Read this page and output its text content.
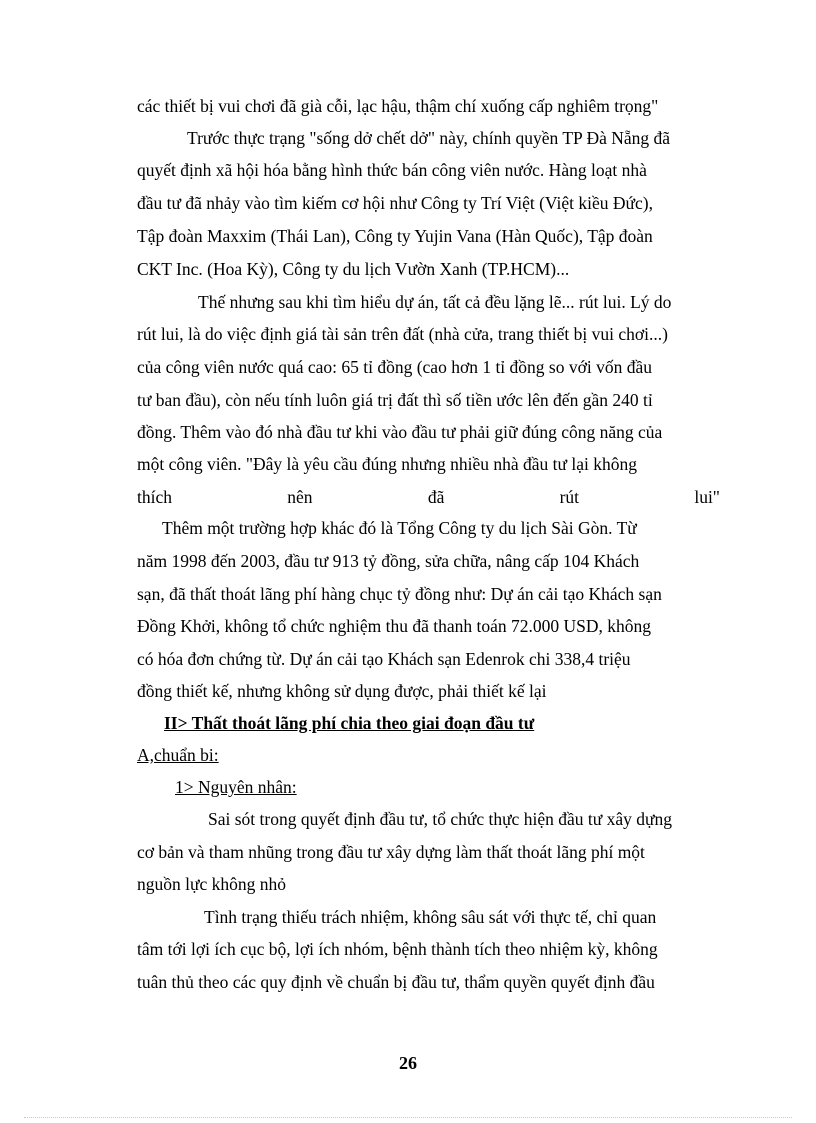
các thiết bị vui chơi đã già cỗi, lạc hậu, thậm chí xuống cấp nghiêm trọng"
Trước thực trạng "sống dở chết dở" này, chính quyền TP Đà Nẵng đã
quyết định xã hội hóa bằng hình thức bán công viên nước. Hàng loạt nhà
đầu tư đã nhảy vào tìm kiếm cơ hội như Công ty Trí Việt (Việt kiều Đức),
Tập đoàn Maxxim (Thái Lan), Công ty Yujin Vana (Hàn Quốc), Tập đoàn
CKT Inc. (Hoa Kỳ), Công ty du lịch Vườn Xanh (TP.HCM)...
Thế nhưng sau khi tìm hiểu dự án, tất cả đều lặng lẽ... rút lui. Lý do
rút lui, là do việc định giá tài sản trên đất (nhà cửa, trang thiết bị vui chơi...)
của công viên nước quá cao: 65 tỉ đồng (cao hơn 1 tỉ đồng so với vốn đầu
tư ban đầu), còn nếu tính luôn giá trị đất thì số tiền ước lên đến gần 240 tỉ
đồng. Thêm vào đó nhà đầu tư khi vào đầu tư phải giữ đúng công năng của
một công viên. "Đây là yêu cầu đúng nhưng nhiều nhà đầu tư lại không
thích	nên	đã	rút	lui"
Thêm một trường hợp khác đó là Tổng Công ty du lịch Sài Gòn. Từ
năm 1998 đến 2003, đầu tư 913 tỷ đồng, sửa chữa, nâng cấp 104 Khách
sạn, đã thất thoát lãng phí hàng chục tỷ đồng như: Dự án cải tạo Khách sạn
Đồng Khởi, không tổ chức nghiệm thu đã thanh toán 72.000 USD, không
có hóa đơn chứng từ. Dự án cải tạo Khách sạn Edenrok chi 338,4 triệu
đồng thiết kế, nhưng không sử dụng được, phải thiết kế lại
II> Thất thoát lãng phí chia theo giai đoạn đầu tư
A,chuẩn bi:
1> Nguyên nhân:
Sai sót trong quyết định đầu tư, tổ chức thực hiện đầu tư xây dựng
cơ bản và tham nhũng trong đầu tư xây dựng làm thất thoát lãng phí một
nguồn lực không nhỏ
Tình trạng thiếu trách nhiệm, không sâu sát với thực tế, chỉ quan
tâm tới lợi ích cục bộ, lợi ích nhóm, bệnh thành tích theo nhiệm kỳ, không
tuân thủ theo các quy định về chuẩn bị đầu tư, thẩm quyền quyết định đầu
26
